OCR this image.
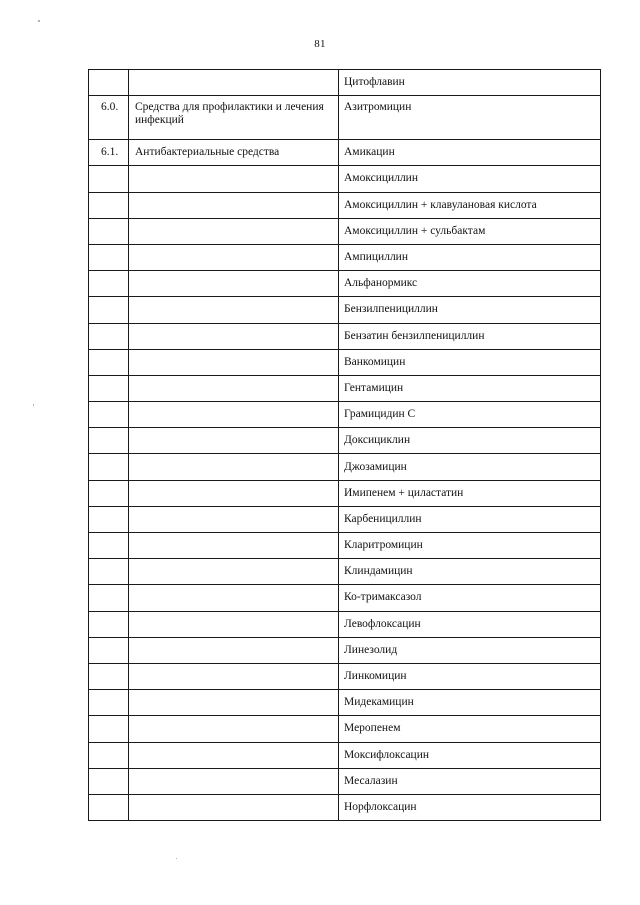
81
		Цитофлавин
6.0.	Средства для профилактики и лечения инфекций	Азитромицин
6.1.	Антибактериальные средства	Амикацин
		Амоксициллин
		Амоксициллин + клавулановая кислота
		Амоксициллин + сульбактам
		Ампициллин
		Альфанормикс
		Бензилпенициллин
		Бензатин бензилпенициллин
		Ванкомицин
		Гентамицин
		Грамицидин С
		Доксициклин
		Джозамицин
		Имипенем + циластатин
		Карбенициллин
		Кларитромицин
		Клиндамицин
		Ко-тримаксазол
		Левофлоксацин
		Линезолид
		Линкомицин
		Мидекамицин
		Меропенем
		Моксифлоксацин
		Месалазин
		Норфлоксацин
